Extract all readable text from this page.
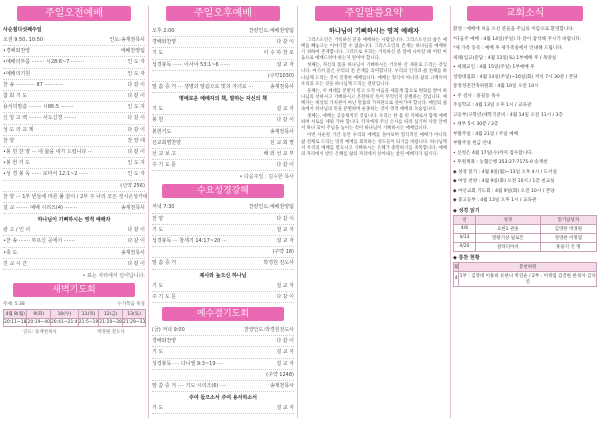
주일오전예배
사순절다섯째주일
오전 9:50, 10:50	인도:송재천목사
•경배와찬양	에배찬양팀
•예배의부름 ········ 시28:6~7 ········	인 도 자
•예배의기원	인 도 자
찬 송 ············ 87 ············	다 같 이
참 회 기 도	다 같 이
용서의말씀 ········ 시86:5 ········	인 도 자
신 앙 고 백 ········ 사도신경 ········	다 같 이
성 도 의 교 제	다 같 이
찬 양	찬 양 대
•봉 헌 찬 양 ··· 내 삶을 내가 드립니다 ···	다 같 이
•봉 헌 기 도	인 도 자
•성 경 봉 독 ······ 로마서 12:1~2 ······	인 도 자
(신약 256)
찬 양 ··· 1부 빈들에 마른 풀 같이 / 2부 주 나의 모든 것 시온성가대
설 교 ········ 예배 시리즈(4) ········	송재천목사
하나님이 기뻐하시는 영적 예배자
광 고 / 인 사	다 같 이
•찬 송 ······· 부르신 곳에서 ·······	다 같 이
•축 도	송재천목사
친 교 시 간	다 같 이
• 표는 자리에서 일어납니다.
새벽기도회
주제: 5:38	누가복음 묵상
4월 8(월)	9(화)	10(수)	11(목)	12(금)	13(토)
20:11~18	20:19~40	20:41~21:4	21:5~19	21:20~28	21:29~33
인도: 송재천목사	박경원 전도사
주일오후예배
오후 2:00	찬양인도:예배찬양팀
경배와찬양	다 같 이
기 도	이 수 하 장 로
성경봉독 ······ 이사야 53:1~6 ······	설 교 자
(구약1030)
말 씀 증 거 ··· 생명의 말씀으로 빛의 자녀로 ···	송재천목사
명예로운 예배자의 책, 말하는 자신의 책
기 도	설 교 자
봉 헌	다 같 이
봉헌기도	송재천목사
선교회별찬양	선 교 회 별
선 교 보 고	해 외 선 교 부
주 기 도 문	다 같 이
• 다음주일 : 김수한 목사
수요성경강해
저녁 7:30	찬양인도:예배찬양팀
찬 양	다 같 이
기 도	설 교 자
성경봉독 ··· 창세기 14:17~20 ···	설 교 자
(구약 18)
말 씀 증 거	박경원 전도사
제사와 높으신 하나님
기 도	설 교 자
주 기 도 문	다 같 이
예수결기도회
(금) 저녁 9:00	찬양인도:박경원전도사
경배와찬양	다 같 이
기 도	설 교 자
성경봉독 ···· 다니엘 9:3~19 ····	설 교 자
(구약 1248)
말 씀 증 거 ···· 기도 시리즈(6) ····	송재천목사
주여 들으소서 주여 용서하소서
기 도	설 교 자
주일말씀요약
하나님이 기뻐하시는 영적 예배자

그리스도인은 거룩하신 분을 예배하는 사람입니다. 그리스도인의 삶은 예배를 빼놓고는 이야기할 수 없습니다. 그리스도인의 존재는 하나님을 예배하기 위하여 존재합니다. 그러므로 우리는 거룩하신 분 앞에 나아갈 때 어떤 마음으로 예배드려야 하는지 알아야 합니다.

첫째는, 자신의 몸을 하나님이 기뻐하시는 거룩한 산 제물로 드리는 것입니다. 여기서 몸은 우리의 전 존재를 의미합니다. 우리의 인격과 삶 전체를 하나님께 드리는 것이 진정한 예배입니다. 예배는 형식이 아니라 삶의 고백이며 우리의 모든 것을 하나님께 드리는 결단입니다.

둘째는, 이 세대를 본받지 말고 오직 마음을 새롭게 함으로 변화를 받아 하나님의 선하시고 기뻐하시고 온전하신 뜻이 무엇인지 분별하는 것입니다. 예배자는 세상의 가치관이 아닌 말씀의 가치관으로 살아가야 합니다. 매일의 삶 속에서 하나님의 뜻을 분별하며 순종하는 것이 영적 예배의 모습입니다.

셋째는, 예배는 공동체적인 것입니다. 우리는 한 몸 된 지체로서 함께 예배하며 서로를 세워 가야 합니다. 각자에게 주신 은사를 따라 섬기며 사랑 안에서 하나 되어 주님을 높이는 것이 하나님이 기뻐하시는 예배입니다.

이번 사순절 기간 동안 우리의 예배를 돌아보며 형식적인 예배가 아니라 삶 전체로 드리는 영적 예배를 회복하는 성도들이 되기를 바랍니다. 하나님께서 우리의 예배를 받으시고 기뻐하시는 은혜가 충만하기를 축복합니다. 예배의 자리에서 받은 은혜를 삶의 자리에서 살아내는 참된 예배자가 됩시다.

교회소식
환영 : 예배에 처음 오신 분들을 주님의 이름으로 환영합니다.
*다음주 예배 : 4월 14일(주일) 다 같이 참석해 주시기 바랍니다.
*새 가족 등록 : 예배 후 새가족실에서 안내해 드립니다.
세례(입교)문답 : 4월 13일(토) 1부예배 후 / 목양실
• 세례교인 : 4월 15일(주일) 1부예배 후
성령대집회 : 4월 14일(주일)~16일(화) 저녁 7시 30분 / 본당
중앙성전건축위원회 : 4월 10일 오전 10시
• 주 강사 : 홍길동 목사
주일학교 : 4월 13일 오후 1시 / 교육관
고등부(구학년)새학기준비 : 4월 14일 오전 11시 / 3층
• 세부 5시 30분 / 2층
부활주일 : 4월 21일 / 주일 예배
부활주일 헌금 안내
• 신청은 4월 17일(수)까지 접수합니다.
• 후원계좌 : 농협은행 353-27-7175-0 송재천
◆ 성경 읽기 : 4월 8일(월)~13일 오후 4시 / 도서실
◆ 여성 찬양 : 4월 9일(화) 오전 10시 / 1층 친교실
◆ 여선교회 기도회 : 4월 9일(화) 오전 10시 / 본당
◆ 중고등부 : 4월 13일 오후 1시 / 교육관
◆ 성경 읽기
일	성경	읽기담당자
4/6	요한1 관솔	김영한 박경원
4/13	열왕기상 필로몬	정영한 이정엽
4/20	갈라디아서	홍용식 신 명
◆ 통찬 현황
월	봉헌위원
4	1부 : 김영대 이용희 유한나 박길순 / 2부 : 이정엽 김진한 한경자 김다연
